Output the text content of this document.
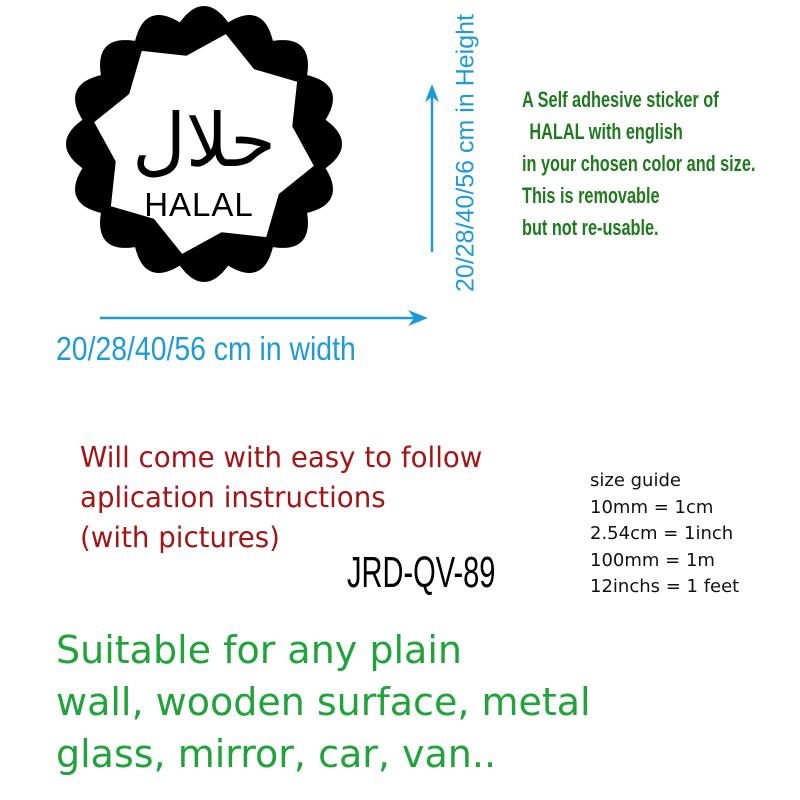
حلال
HALAL	20/28/40/56 cm in Height
20/28/40/56 cm in width
A Self adhesive sticker of
HALAL with english
in your chosen color and size.
This is removable
but not re-usable.
Will come with easy to follow
aplication instructions
(with pictures)
JRD-QV-89
size guide
10mm = 1cm
2.54cm = 1inch
100mm = 1m
12inchs = 1 feet
Suitable for any plain
wall, wooden surface, metal
glass, mirror, car, van..
